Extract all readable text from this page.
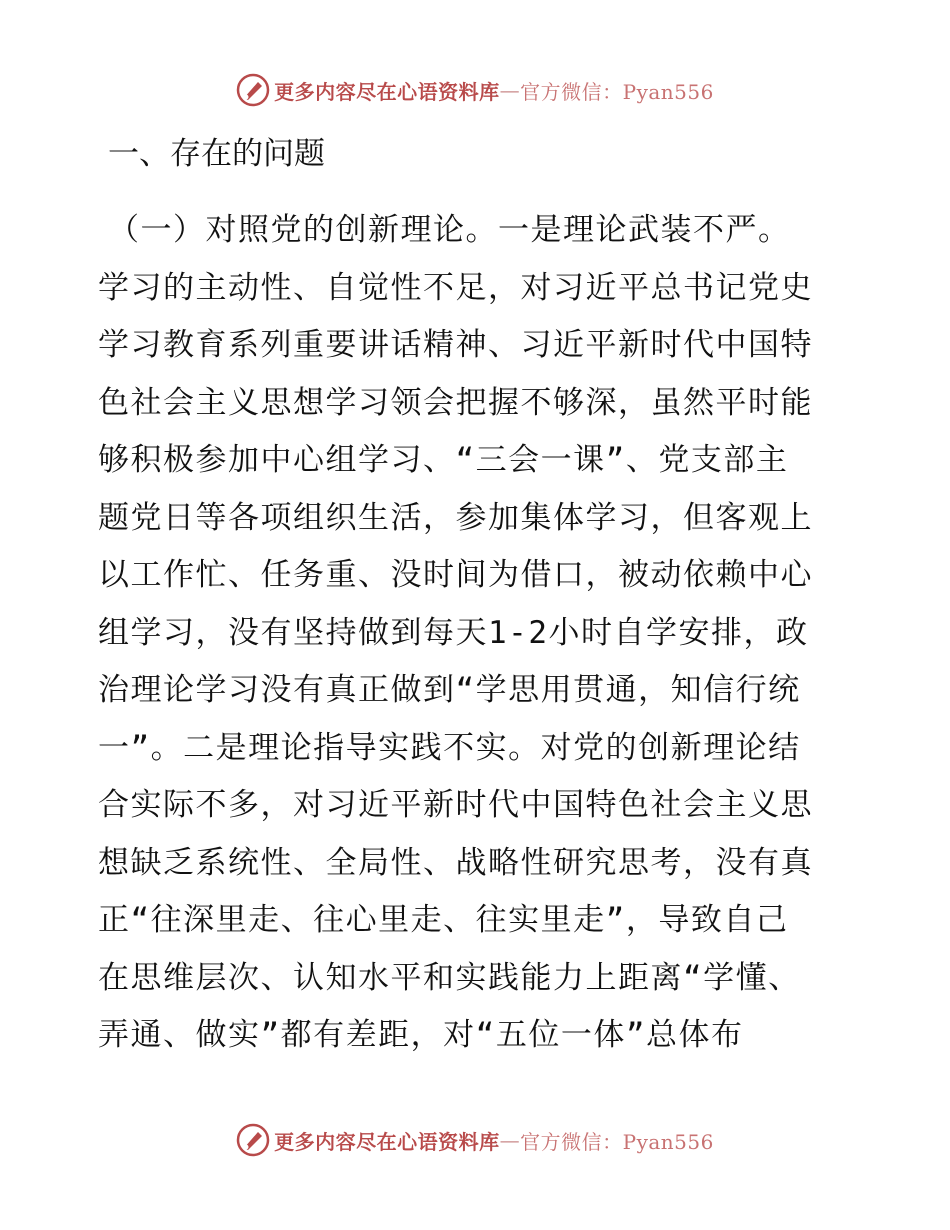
更多内容尽在心语资料库 — 官方微信：Pyan556
一、存在的问题
（一）对照党的创新理论。一是理论武装不严。
学习的主动性、自觉性不足，对习近平总书记党史
学习教育系列重要讲话精神、习近平新时代中国特
色社会主义思想学习领会把握不够深，虽然平时能
够积极参加中心组学习、“三会一课”、党支部主
题党日等各项组织生活，参加集体学习，但客观上
以工作忙、任务重、没时间为借口，被动依赖中心
组学习，没有坚持做到每天1-2小时自学安排，政
治理论学习没有真正做到“学思用贯通，知信行统
一”。二是理论指导实践不实。对党的创新理论结
合实际不多，对习近平新时代中国特色社会主义思
想缺乏系统性、全局性、战略性研究思考，没有真
正“往深里走、往心里走、往实里走”，导致自己
在思维层次、认知水平和实践能力上距离“学懂、
弄通、做实”都有差距，对“五位一体”总体布
更多内容尽在心语资料库 — 官方微信：Pyan556
